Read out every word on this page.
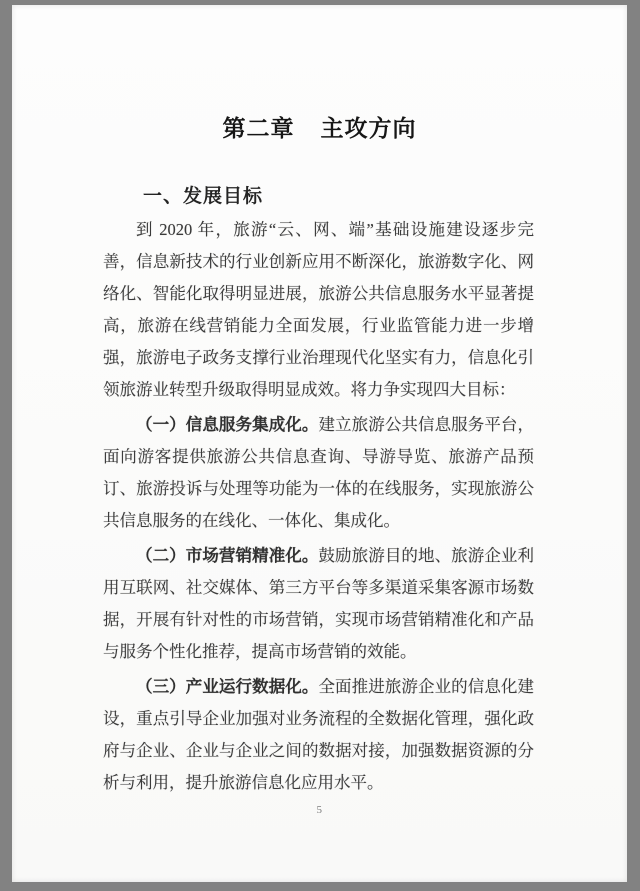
第二章 主攻方向
一、发展目标

到 2020 年，旅游“云、网、端”基础设施建设逐步完善，信息新技术的行业创新应用不断深化，旅游数字化、网络化、智能化取得明显进展，旅游公共信息服务水平显著提高，旅游在线营销能力全面发展，行业监管能力进一步增强，旅游电子政务支撑行业治理现代化坚实有力，信息化引领旅游业转型升级取得明显成效。将力争实现四大目标：

（一）信息服务集成化。建立旅游公共信息服务平台，面向游客提供旅游公共信息查询、导游导览、旅游产品预订、旅游投诉与处理等功能为一体的在线服务，实现旅游公共信息服务的在线化、一体化、集成化。

（二）市场营销精准化。鼓励旅游目的地、旅游企业利用互联网、社交媒体、第三方平台等多渠道采集客源市场数据，开展有针对性的市场营销，实现市场营销精准化和产品与服务个性化推荐，提高市场营销的效能。

（三）产业运行数据化。全面推进旅游企业的信息化建设，重点引导企业加强对业务流程的全数据化管理，强化政府与企业、企业与企业之间的数据对接，加强数据资源的分析与利用，提升旅游信息化应用水平。

5
